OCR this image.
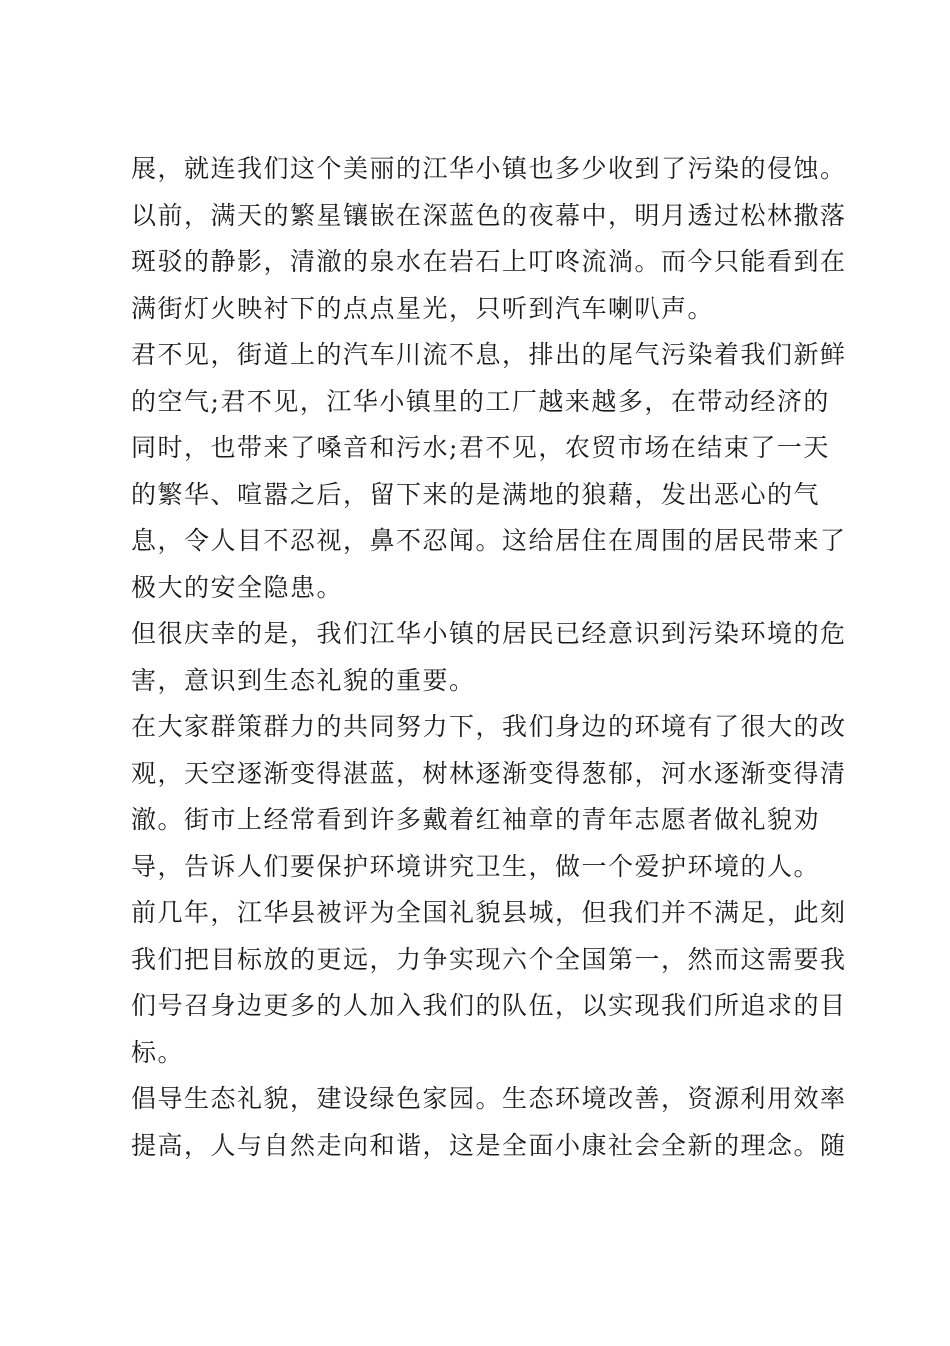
展，就连我们这个美丽的江华小镇也多少收到了污染的侵蚀。
以前，满天的繁星镶嵌在深蓝色的夜幕中，明月透过松林撒落
斑驳的静影，清澈的泉水在岩石上叮咚流淌。而今只能看到在
满街灯火映衬下的点点星光，只听到汽车喇叭声。
君不见，街道上的汽车川流不息，排出的尾气污染着我们新鲜
的空气;君不见，江华小镇里的工厂越来越多，在带动经济的
同时，也带来了嗓音和污水;君不见，农贸市场在结束了一天
的繁华、喧嚣之后，留下来的是满地的狼藉，发出恶心的气
息，令人目不忍视，鼻不忍闻。这给居住在周围的居民带来了
极大的安全隐患。
但很庆幸的是，我们江华小镇的居民已经意识到污染环境的危
害，意识到生态礼貌的重要。
在大家群策群力的共同努力下，我们身边的环境有了很大的改
观，天空逐渐变得湛蓝，树林逐渐变得葱郁，河水逐渐变得清
澈。街市上经常看到许多戴着红袖章的青年志愿者做礼貌劝
导，告诉人们要保护环境讲究卫生，做一个爱护环境的人。
前几年，江华县被评为全国礼貌县城，但我们并不满足，此刻
我们把目标放的更远，力争实现六个全国第一，然而这需要我
们号召身边更多的人加入我们的队伍，以实现我们所追求的目
标。
倡导生态礼貌，建设绿色家园。生态环境改善，资源利用效率
提高，人与自然走向和谐，这是全面小康社会全新的理念。随
